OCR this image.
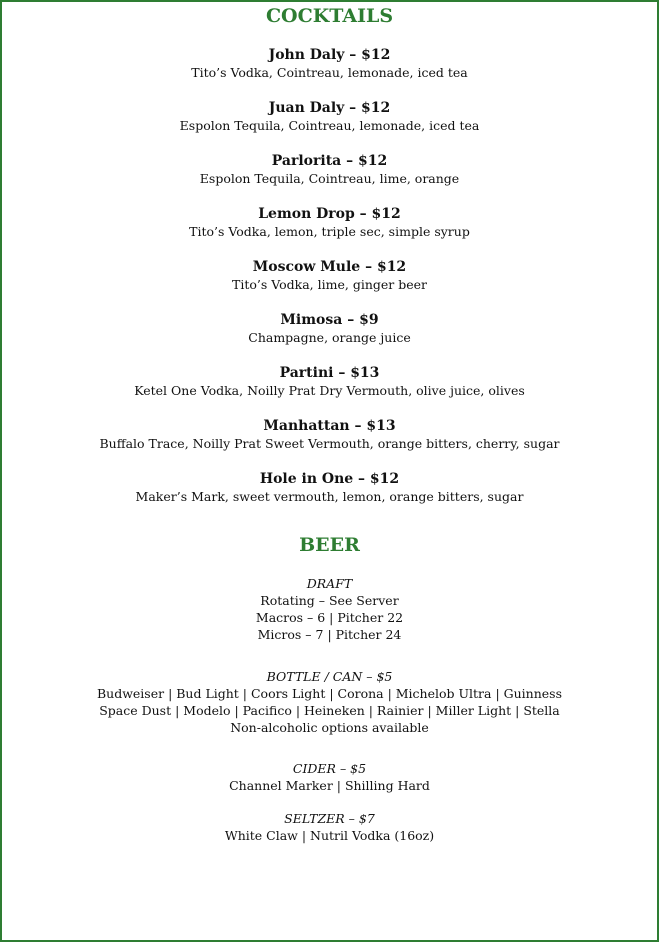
COCKTAILS
John Daly – $12
Tito’s Vodka, Cointreau, lemonade, iced tea
Juan Daly – $12
Espolon Tequila, Cointreau, lemonade, iced tea
Parlorita – $12
Espolon Tequila, Cointreau, lime, orange
Lemon Drop – $12
Tito’s Vodka, lemon, triple sec, simple syrup
Moscow Mule – $12
Tito’s Vodka, lime, ginger beer
Mimosa – $9
Champagne, orange juice
Partini – $13
Ketel One Vodka, Noilly Prat Dry Vermouth, olive juice, olives
Manhattan – $13
Buffalo Trace, Noilly Prat Sweet Vermouth, orange bitters, cherry, sugar
Hole in One – $12
Maker’s Mark, sweet vermouth, lemon, orange bitters, sugar
BEER
DRAFT
Rotating – See Server
Macros – 6 | Pitcher 22
Micros – 7 | Pitcher 24
BOTTLE / CAN – $5
Budweiser | Bud Light | Coors Light | Corona | Michelob Ultra | Guinness
Space Dust | Modelo | Pacifico | Heineken | Rainier | Miller Light | Stella
Non-alcoholic options available
CIDER – $5
Channel Marker | Shilling Hard
SELTZER – $7
White Claw | Nutril Vodka (16oz)
